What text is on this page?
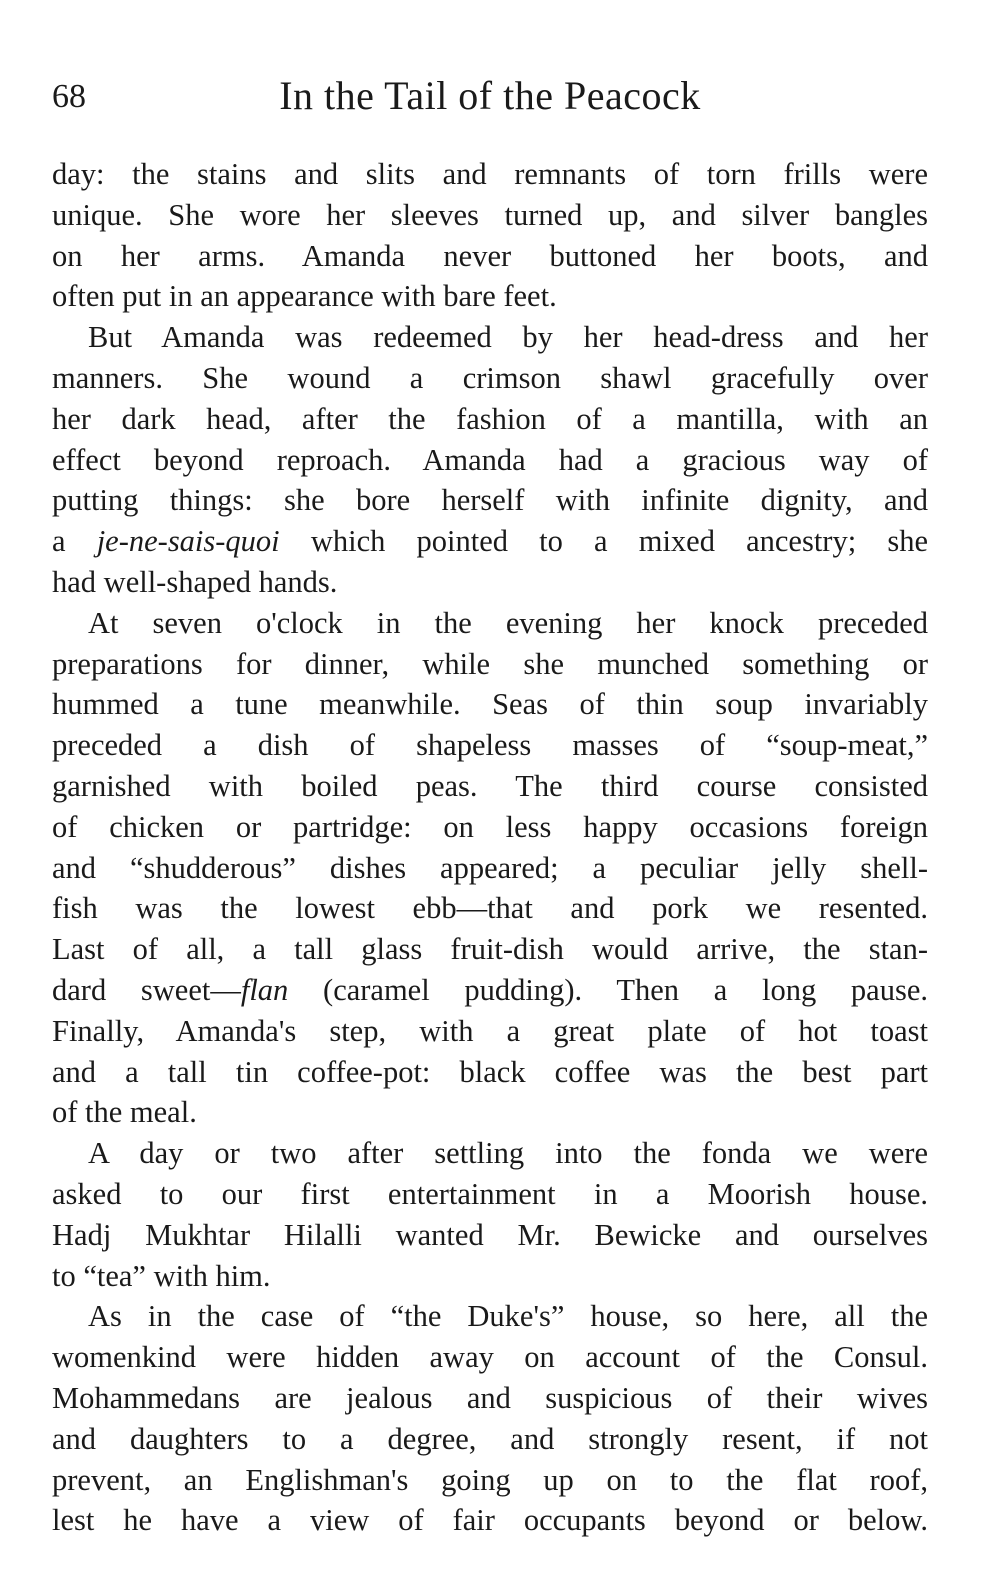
68	In the Tail of the Peacock
day: the stains and slits and remnants of torn frills were
unique. She wore her sleeves turned up, and silver bangles
on her arms. Amanda never buttoned her boots, and
often put in an appearance with bare feet.
But Amanda was redeemed by her head-dress and her
manners. She wound a crimson shawl gracefully over
her dark head, after the fashion of a mantilla, with an
effect beyond reproach. Amanda had a gracious way of
putting things: she bore herself with infinite dignity, and
a je-ne-sais-quoi which pointed to a mixed ancestry; she
had well-shaped hands.
At seven o'clock in the evening her knock preceded
preparations for dinner, while she munched something or
hummed a tune meanwhile. Seas of thin soup invariably
preceded a dish of shapeless masses of “soup-meat,”
garnished with boiled peas. The third course consisted
of chicken or partridge: on less happy occasions foreign
and “shudderous” dishes appeared; a peculiar jelly shell-
fish was the lowest ebb—that and pork we resented.
Last of all, a tall glass fruit-dish would arrive, the stan-
dard sweet—flan (caramel pudding). Then a long pause.
Finally, Amanda's step, with a great plate of hot toast
and a tall tin coffee-pot: black coffee was the best part
of the meal.
A day or two after settling into the fonda we were
asked to our first entertainment in a Moorish house.
Hadj Mukhtar Hilalli wanted Mr. Bewicke and ourselves
to “tea” with him.
As in the case of “the Duke's” house, so here, all the
womenkind were hidden away on account of the Consul.
Mohammedans are jealous and suspicious of their wives
and daughters to a degree, and strongly resent, if not
prevent, an Englishman's going up on to the flat roof,
lest he have a view of fair occupants beyond or below.
